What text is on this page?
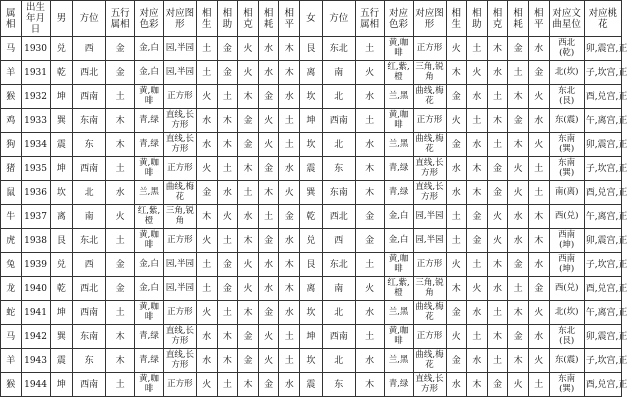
属相	出生年月日	男	方位	五行属相	对应色彩	对应图形	相生	相助	相克	相耗	相平	女	方位	五行属相	对应色彩	对应图形	相生	相助	相克	相耗	相平	对应文曲星位	对应桃花
马	1930	兑	西	金	金,白	园,半园	土	金	火	水	木	艮	东北	土	黄,咖啡	正方形	火	土	木	金	水	西北(乾)	卯,震宫,正
羊	1931	乾	西北	金	金,白	园,半园	土	金	火	水	木	离	南	火	红,紫,橙	三角,锐角	木	火	水	土	金	北(坎)	子,坎宫,正
猴	1932	坤	西南	土	黄,咖啡	正方形	火	土	木	金	水	坎	北	水	兰,黑	曲线,梅花	金	水	土	木	火	东北(艮)	酉,兑宫,正
鸡	1933	巽	东南	木	青,绿	直线,长方形	水	木	金	火	土	坤	西南	土	黄,咖啡	正方形	火	土	木	金	水	东(震)	午,离宫,正
狗	1934	震	东	木	青,绿	直线,长方形	水	木	金	火	土	坎	北	水	兰,黑	曲线,梅花	金	水	土	木	火	东南(巽)	卯,震宫,正
猪	1935	坤	西南	土	黄,咖啡	正方形	火	土	木	金	水	震	东	木	青,绿	直线,长方形	水	木	金	火	土	东南(巽)	子,坎宫,正
鼠	1936	坎	北	水	兰,黑	曲线,梅花	金	水	土	木	火	巽	东南	木	青,绿	直线,长方形	水	木	金	火	土	南(离)	酉,兑宫,正
牛	1937	离	南	火	红,紫,橙	三角,锐角	木	火	水	土	金	乾	西北	金	金,白	园,半园	土	金	火	水	木	西(兑)	午,离宫,正
虎	1938	艮	东北	土	黄,咖啡	正方形	火	土	木	金	水	兑	西	金	金,白	园,半园	土	金	火	水	木	西南(坤)	卯,震宫,正
兔	1939	兑	西	金	金,白	园,半园	土	金	火	水	木	艮	东北	土	黄,咖啡	正方形	火	土	木	金	水	西南(坤)	子,坎宫,正
龙	1940	乾	西北	金	金,白	园,半园	土	金	火	水	木	离	南	火	红,紫,橙	三角,锐角	木	火	水	土	金	西(兑)	酉,兑宫,正
蛇	1941	坤	西南	土	黄,咖啡	正方形	火	土	木	金	水	坎	北	水	兰,黑	曲线,梅花	金	水	土	木	火	北(坎)	午,离宫,正
马	1942	巽	东南	木	青,绿	直线,长方形	水	木	金	火	土	坤	西南	土	黄,咖啡	正方形	火	土	木	金	水	东北(艮)	卯,震宫,正
羊	1943	震	东	木	青,绿	直线,长方形	水	木	金	火	土	坎	北	水	兰,黑	曲线,梅花	金	水	土	木	火	东(震)	子,坎宫,正
猴	1944	坤	西南	土	黄,咖啡	正方形	火	土	木	金	水	震	东	木	青,绿	直线,长方形	水	木	金	火	土	东南(巽)	酉,兑宫,正
